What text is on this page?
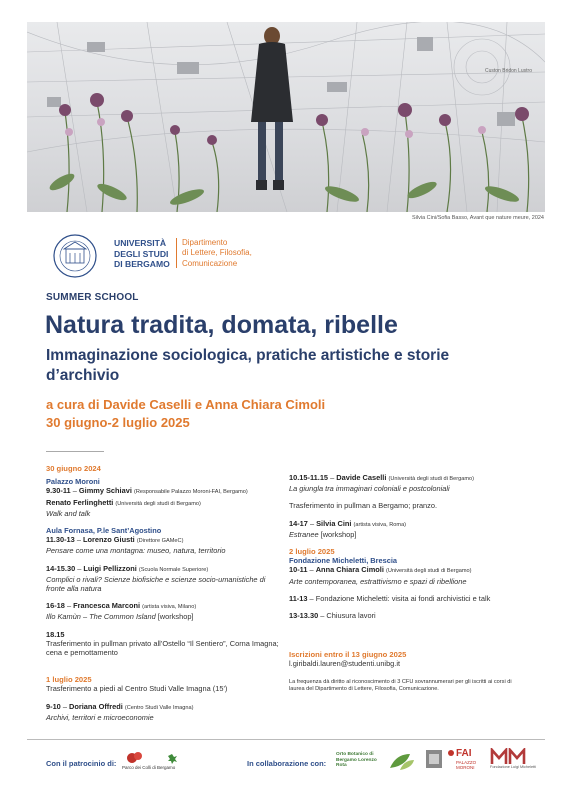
Custon Bridon Lustro
Silvia Cini/Sofia Basso, Avant que nature meure, 2024
UNIVERSITÀ
DEGLI STUDI
DI BERGAMO
Dipartimento
di Lettere, Filosofia,
Comunicazione
SUMMER SCHOOL
Natura tradita, domata, ribelle
Immaginazione sociologica, pratiche artistiche e storie d’archivio
a cura di Davide Caselli e Anna Chiara Cimoli
30 giugno-2 luglio 2025
30 giugno 2024
Palazzo Moroni
9.30-11 – Gimmy Schiavi (Responsabile Palazzo Moroni-FAI, Bergamo)
Renato Ferlinghetti (Università degli studi di Bergamo)
Walk and talk
Aula Fornasa, P.le Sant’Agostino
11.30-13 – Lorenzo Giusti (Direttore GAMeC)
Pensare come una montagna: museo, natura, territorio
14-15.30 – Luigi Pellizzoni (Scuola Normale Superiore)
Complici o rivali? Scienze biofisiche e scienze socio-umanistiche di fronte alla natura
16-18 – Francesca Marconi (artista visiva, Milano)
Illo Kamùn – The Common Island [workshop]
18.15
Trasferimento in pullman privato all’Ostello “Il Sentiero”, Corna Imagna; cena e pernottamento
1 luglio 2025
Trasferimento a piedi al Centro Studi Valle Imagna (15')
9-10 – Doriana Offredi (Centro Studi Valle Imagna)
Archivi, territori e microeconomie
10.15-11.15 – Davide Caselli (Università degli studi di Bergamo)
La giungla tra immaginari coloniali e postcoloniali
Trasferimento in pullman a Bergamo; pranzo.
14-17 – Silvia Cini (artista visiva, Roma)
Estranee [workshop]
2 luglio 2025
Fondazione Micheletti, Brescia
10-11 – Anna Chiara Cimoli (Università degli studi di Bergamo)
Arte contemporanea, estrattivismo e spazi di ribellione
11-13 – Fondazione Micheletti: visita ai fondi archivistici e talk
13-13.30 – Chiusura lavori
Iscrizioni entro il 13 giugno 2025
l.giribaldi.lauren@studenti.unibg.it
La frequenza dà diritto al riconoscimento di 3 CFU sovrannumerari per gli iscritti ai corsi di laurea del Dipartimento di Lettere, Filosofia, Comunicazione.
Con il patrocinio di: Parco dei Colli di Bergamo	In collaborazione con:
Orto Botanico di Bergamo Lorenzo Rota
FAI
PALAZZO MORONI	Fondazione Luigi Micheletti
